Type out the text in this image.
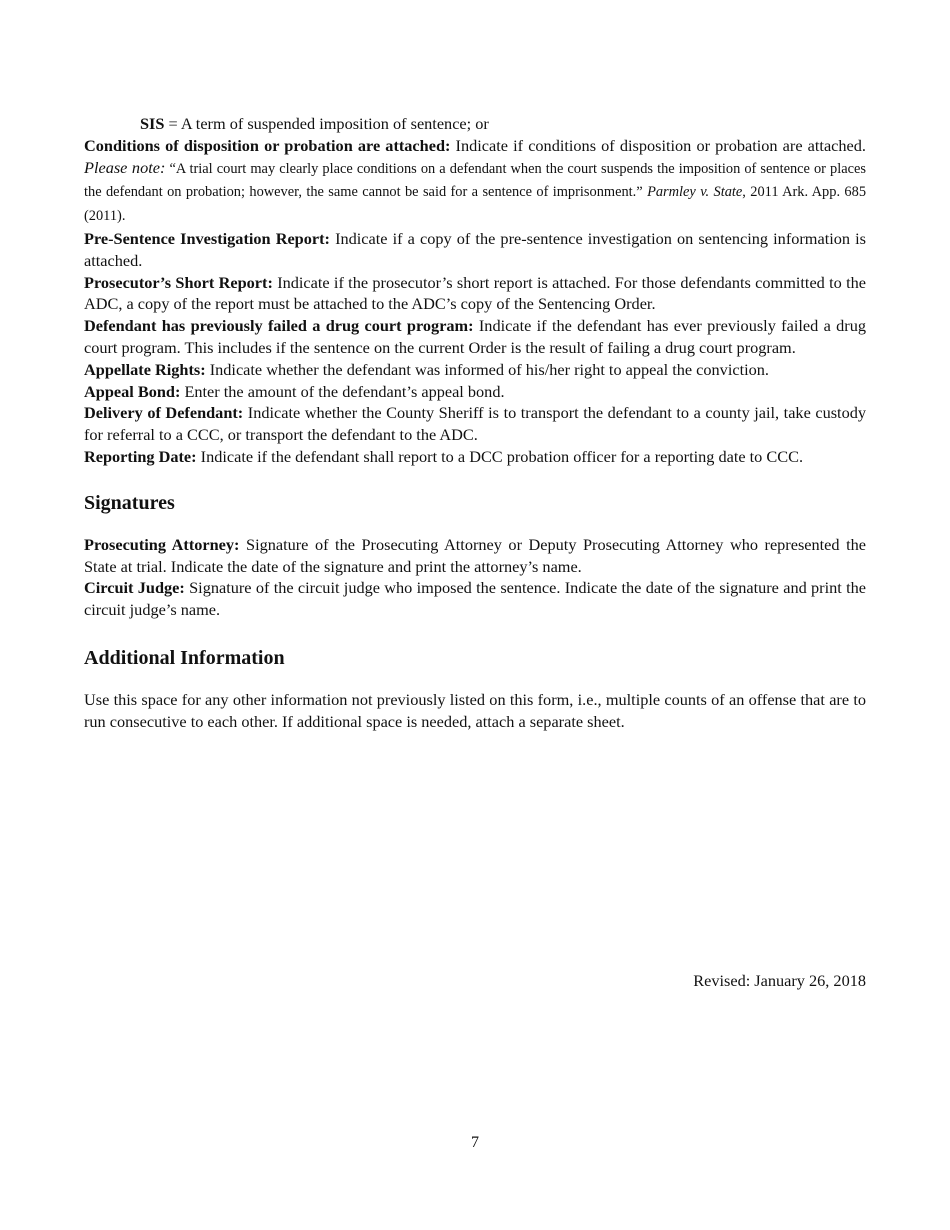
SIS = A term of suspended imposition of sentence; or

Conditions of disposition or probation are attached: Indicate if conditions of disposition or probation are attached. Please note: “A trial court may clearly place conditions on a defendant when the court suspends the imposition of sentence or places the defendant on probation; however, the same cannot be said for a sentence of imprisonment.” Parmley v. State, 2011 Ark. App. 685 (2011).

Pre-Sentence Investigation Report: Indicate if a copy of the pre-sentence investigation on sentencing information is attached.

Prosecutor’s Short Report: Indicate if the prosecutor’s short report is attached. For those defendants committed to the ADC, a copy of the report must be attached to the ADC’s copy of the Sentencing Order.

Defendant has previously failed a drug court program: Indicate if the defendant has ever previously failed a drug court program. This includes if the sentence on the current Order is the result of failing a drug court program.

Appellate Rights: Indicate whether the defendant was informed of his/her right to appeal the conviction.

Appeal Bond: Enter the amount of the defendant’s appeal bond.

Delivery of Defendant: Indicate whether the County Sheriff is to transport the defendant to a county jail, take custody for referral to a CCC, or transport the defendant to the ADC.

Reporting Date: Indicate if the defendant shall report to a DCC probation officer for a reporting date to CCC.

Signatures

Prosecuting Attorney: Signature of the Prosecuting Attorney or Deputy Prosecuting Attorney who represented the State at trial. Indicate the date of the signature and print the attorney’s name.

Circuit Judge: Signature of the circuit judge who imposed the sentence. Indicate the date of the signature and print the circuit judge’s name.

Additional Information

Use this space for any other information not previously listed on this form, i.e., multiple counts of an offense that are to run consecutive to each other. If additional space is needed, attach a separate sheet.

Revised: January 26, 2018
7
